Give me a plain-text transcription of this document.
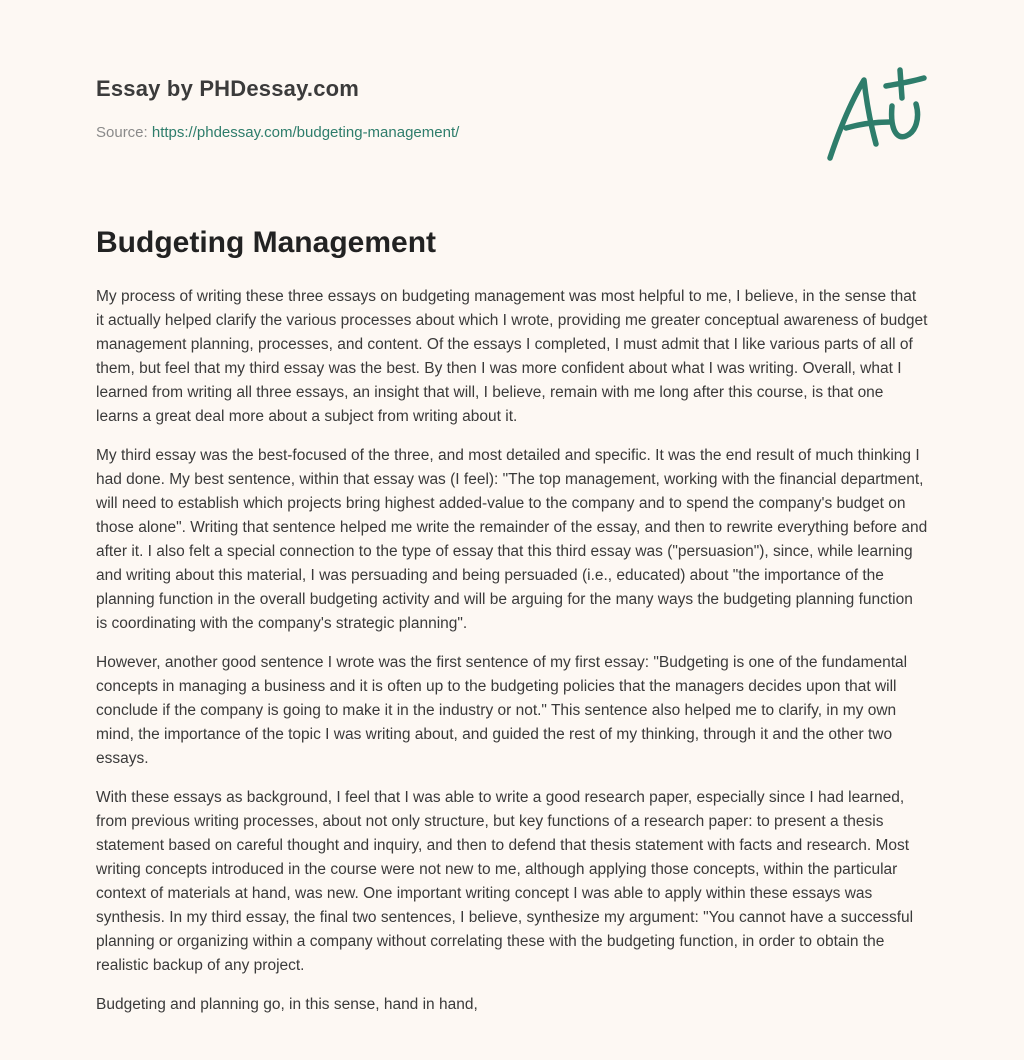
Essay by PHDessay.com
Source: https://phdessay.com/budgeting-management/
Budgeting Management

My process of writing these three essays on budgeting management was most helpful to me, I believe, in the sense that it actually helped clarify the various processes about which I wrote, providing me greater conceptual awareness of budget management planning, processes, and content. Of the essays I completed, I must admit that I like various parts of all of them, but feel that my third essay was the best. By then I was more confident about what I was writing. Overall, what I learned from writing all three essays, an insight that will, I believe, remain with me long after this course, is that one learns a great deal more about a subject from writing about it.

My third essay was the best-focused of the three, and most detailed and specific. It was the end result of much thinking I had done. My best sentence, within that essay was (I feel): "The top management, working with the financial department, will need to establish which projects bring highest added-value to the company and to spend the company's budget on those alone". Writing that sentence helped me write the remainder of the essay, and then to rewrite everything before and after it. I also felt a special connection to the type of essay that this third essay was ("persuasion"), since, while learning and writing about this material, I was persuading and being persuaded (i.e., educated) about "the importance of the planning function in the overall budgeting activity and will be arguing for the many ways the budgeting planning function is coordinating with the company's strategic planning".

However, another good sentence I wrote was the first sentence of my first essay: "Budgeting is one of the fundamental concepts in managing a business and it is often up to the budgeting policies that the managers decides upon that will conclude if the company is going to make it in the industry or not." This sentence also helped me to clarify, in my own mind, the importance of the topic I was writing about, and guided the rest of my thinking, through it and the other two essays.

With these essays as background, I feel that I was able to write a good research paper, especially since I had learned, from previous writing processes, about not only structure, but key functions of a research paper: to present a thesis statement based on careful thought and inquiry, and then to defend that thesis statement with facts and research. Most writing concepts introduced in the course were not new to me, although applying those concepts, within the particular context of materials at hand, was new. One important writing concept I was able to apply within these essays was synthesis. In my third essay, the final two sentences, I believe, synthesize my argument: "You cannot have a successful planning or organizing within a company without correlating these with the budgeting function, in order to obtain the realistic backup of any project.

Budgeting and planning go, in this sense, hand in hand,
